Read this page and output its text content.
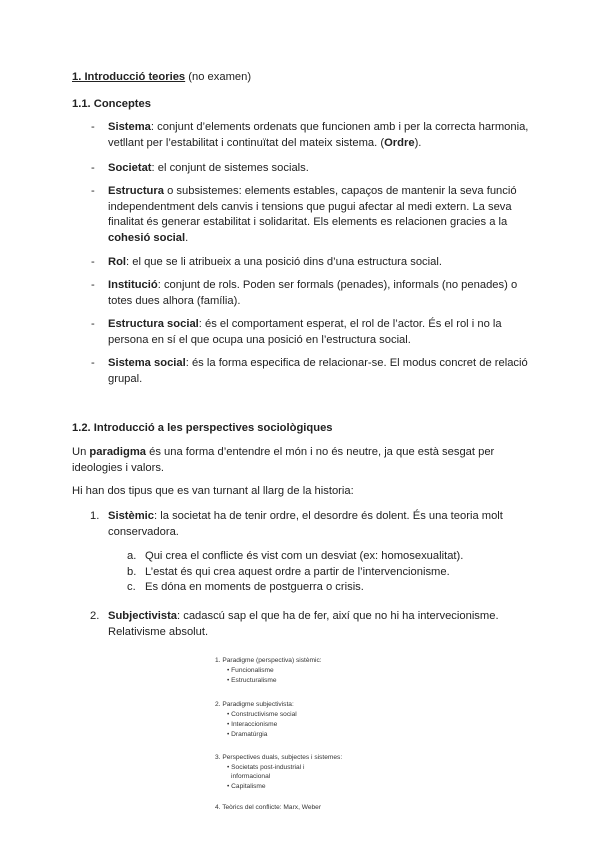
1. Introducció teories (no examen)
1.1. Conceptes
- Sistema: conjunt d’elements ordenats que funcionen amb i per la correcta harmonia,
vetllant per l’estabilitat i continuïtat del mateix sistema. (Ordre).
- Societat: el conjunt de sistemes socials.
- Estructura o subsistemes: elements estables, capaços de mantenir la seva funció
independentment dels canvis i tensions que pugui afectar al medi extern. La seva
finalitat és generar estabilitat i solidaritat. Els elements es relacionen gracies a la
cohesió social.
- Rol: el que se li atribueix a una posició dins d’una estructura social.
- Institució: conjunt de rols. Poden ser formals (penades), informals (no penades) o
totes dues alhora (família).
- Estructura social: és el comportament esperat, el rol de l’actor. És el rol i no la
persona en sí el que ocupa una posició en l’estructura social.
- Sistema social: és la forma especifica de relacionar-se. El modus concret de relació
grupal.
1.2. Introducció a les perspectives sociològiques
Un paradigma és una forma d’entendre el món i no és neutre, ja que està sesgat per
ideologies i valors.
Hi han dos tipus que es van turnant al llarg de la historia:
1. Sistèmic: la societat ha de tenir ordre, el desordre és dolent. És una teoria molt
conservadora.
a. Qui crea el conflicte és vist com un desviat (ex: homosexualitat).
b. L’estat és qui crea aquest ordre a partir de l’intervencionisme.
c. Es dóna en moments de postguerra o crisis.
2. Subjectivista: cadascú sap el que ha de fer, així que no hi ha intervecionisme.
Relativisme absolut.
1. Paradigme (perspectiva) sistèmic:
• Funcionalisme
• Estructuralisme
2. Paradigme subjectivista:
• Constructivisme social
• Interaccionisme
• Dramatúrgia
3. Perspectives duals, subjectes i sistemes:
• Societats post-industrial i
informacional
• Capitalisme
4. Teòrics del conflicte: Marx, Weber
